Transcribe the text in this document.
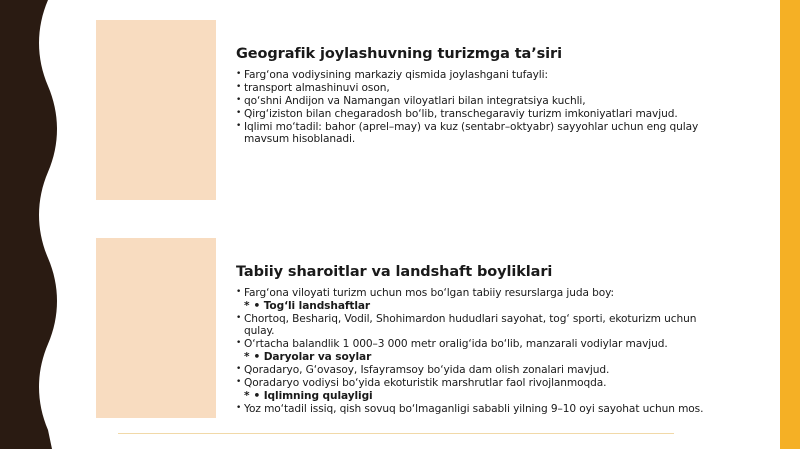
Geografik joylashuvning turizmga ta’siri
• Farg‘ona vodiysining markaziy qismida joylashgani tufayli:
• transport almashinuvi oson,
• qo‘shni Andijon va Namangan viloyatlari bilan integratsiya kuchli,
• Qirg‘iziston bilan chegaradosh bo‘lib, transchegaraviy turizm imkoniyatlari mavjud.
• Iqlimi mo‘tadil: bahor (aprel–may) va kuz (sentabr–oktyabr) sayyohlar uchun eng qulay mavsum hisoblanadi.
Tabiiy sharoitlar va landshaft boyliklari
• Farg‘ona viloyati turizm uchun mos bo‘lgan tabiiy resurslarga juda boy:
* • Tog‘li landshaftlar
• Chortoq, Beshariq, Vodil, Shohimardon hududlari sayohat, tog‘ sporti, ekoturizm uchun qulay.
• O‘rtacha balandlik 1 000–3 000 metr oralig‘ida bo‘lib, manzarali vodiylar mavjud.
* • Daryolar va soylar
• Qoradaryo, G‘ovasoy, Isfayramsoy bo‘yida dam olish zonalari mavjud.
• Qoradaryo vodiysi bo‘yida ekoturistik marshrutlar faol rivojlanmoqda.
* • Iqlimning qulayligi
• Yoz mo‘tadil issiq, qish sovuq bo‘lmaganligi sababli yilning 9–10 oyi sayohat uchun mos.
